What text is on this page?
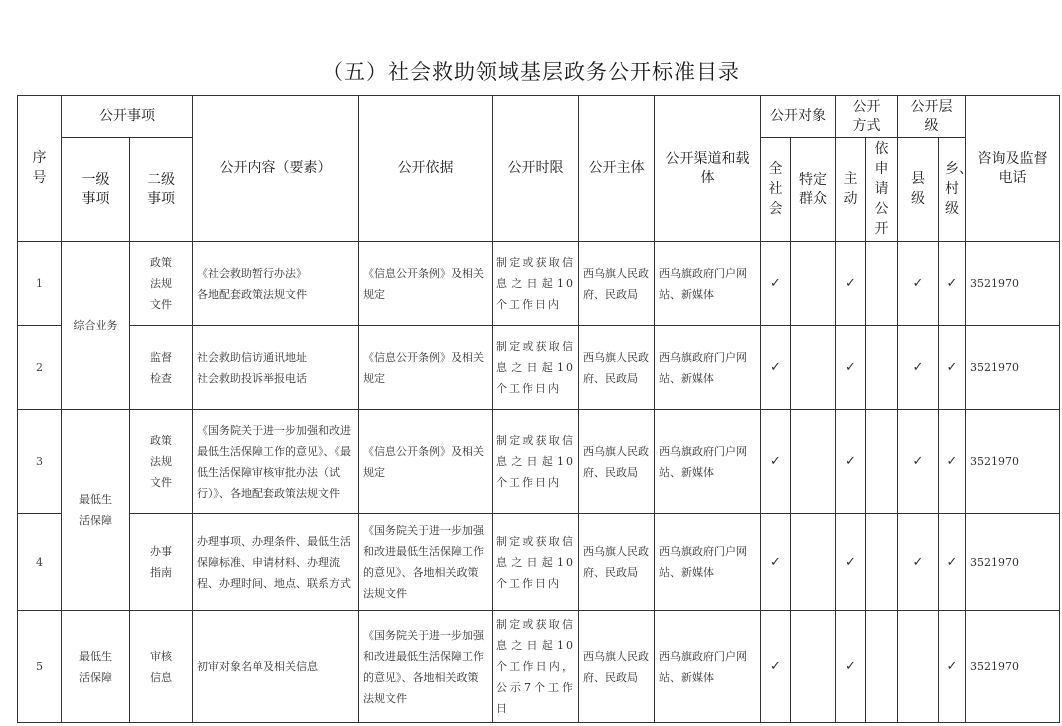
（五）社会救助领域基层政务公开标准目录
序号	公开事项		公开内容（要素）	公开依据	公开时限	公开主体	公开渠道和载体	公开对象		公开方式		公开层级		咨询及监督电话
	一级事项	二级事项						全社会	特定群众	主动	依申请公开	县级	乡、村级	
1	综合业务	政策法规文件	《社会救助暂行办法》
各地配套政策法规文件	《信息公开条例》及相关规定	制定或获取信息之日起10个工作日内	西乌旗人民政府、民政局	西乌旗政府门户网站、新媒体	✓		✓		✓	✓	3521970
2		监督检查	社会救助信访通讯地址
社会救助投诉举报电话	《信息公开条例》及相关规定	制定或获取信息之日起10个工作日内	西乌旗人民政府、民政局	西乌旗政府门户网站、新媒体	✓		✓		✓	✓	3521970
3	最低生活保障	政策法规文件	《国务院关于进一步加强和改进最低生活保障工作的意见》、《最低生活保障审核审批办法（试行）》、各地配套政策法规文件	《信息公开条例》及相关规定	制定或获取信息之日起10个工作日内	西乌旗人民政府、民政局	西乌旗政府门户网站、新媒体	✓		✓		✓	✓	3521970
4		办事指南	办理事项、办理条件、最低生活保障标准、申请材料、办理流程、办理时间、地点、联系方式	《国务院关于进一步加强和改进最低生活保障工作的意见》、各地相关政策法规文件	制定或获取信息之日起10个工作日内	西乌旗人民政府、民政局	西乌旗政府门户网站、新媒体	✓		✓		✓	✓	3521970
5	最低生活保障	审核信息	初审对象名单及相关信息	《国务院关于进一步加强和改进最低生活保障工作的意见》、各地相关政策法规文件	制定或获取信息之日起10个工作日内，公示7个工作日	西乌旗人民政府、民政局	西乌旗政府门户网站、新媒体	✓		✓			✓	3521970
